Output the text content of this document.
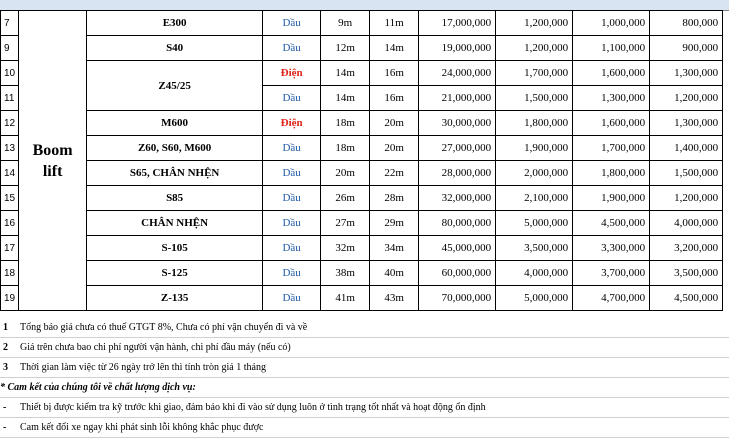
7	Boom lift	E300	Dầu	9m	11m	17,000,000	1,200,000	1,000,000	800,000
9		S40	Dầu	12m	14m	19,000,000	1,200,000	1,100,000	900,000
10		Z45/25	Điện	14m	16m	24,000,000	1,700,000	1,600,000	1,300,000
11			Dầu	14m	16m	21,000,000	1,500,000	1,300,000	1,200,000
12		M600	Điện	18m	20m	30,000,000	1,800,000	1,600,000	1,300,000
13		Z60, S60, M600	Dầu	18m	20m	27,000,000	1,900,000	1,700,000	1,400,000
14		S65, CHÂN NHỆN	Dầu	20m	22m	28,000,000	2,000,000	1,800,000	1,500,000
15		S85	Dầu	26m	28m	32,000,000	2,100,000	1,900,000	1,200,000
16		CHÂN NHỆN	Dầu	27m	29m	80,000,000	5,000,000	4,500,000	4,000,000
17		S-105	Dầu	32m	34m	45,000,000	3,500,000	3,300,000	3,200,000
18		S-125	Dầu	38m	40m	60,000,000	4,000,000	3,700,000	3,500,000
19		Z-135	Dầu	41m	43m	70,000,000	5,000,000	4,700,000	4,500,000
1 Tổng báo giá chưa có thuế GTGT 8%, Chưa có phí vận chuyển đi và về
2 Giá trên chưa bao chi phí người vận hành, chi phí đầu máy (nếu có)
3 Thời gian làm việc từ 26 ngày trở lên thì tính tròn giá 1 tháng
* Cam kết của chúng tôi về chất lượng dịch vụ:
- Thiết bị được kiểm tra kỹ trước khi giao, đảm bảo khi đi vào sử dụng luôn ở tình trạng tốt nhất và hoạt động ổn định
- Cam kết đổi xe ngay khi phát sinh lỗi không khắc phục được
